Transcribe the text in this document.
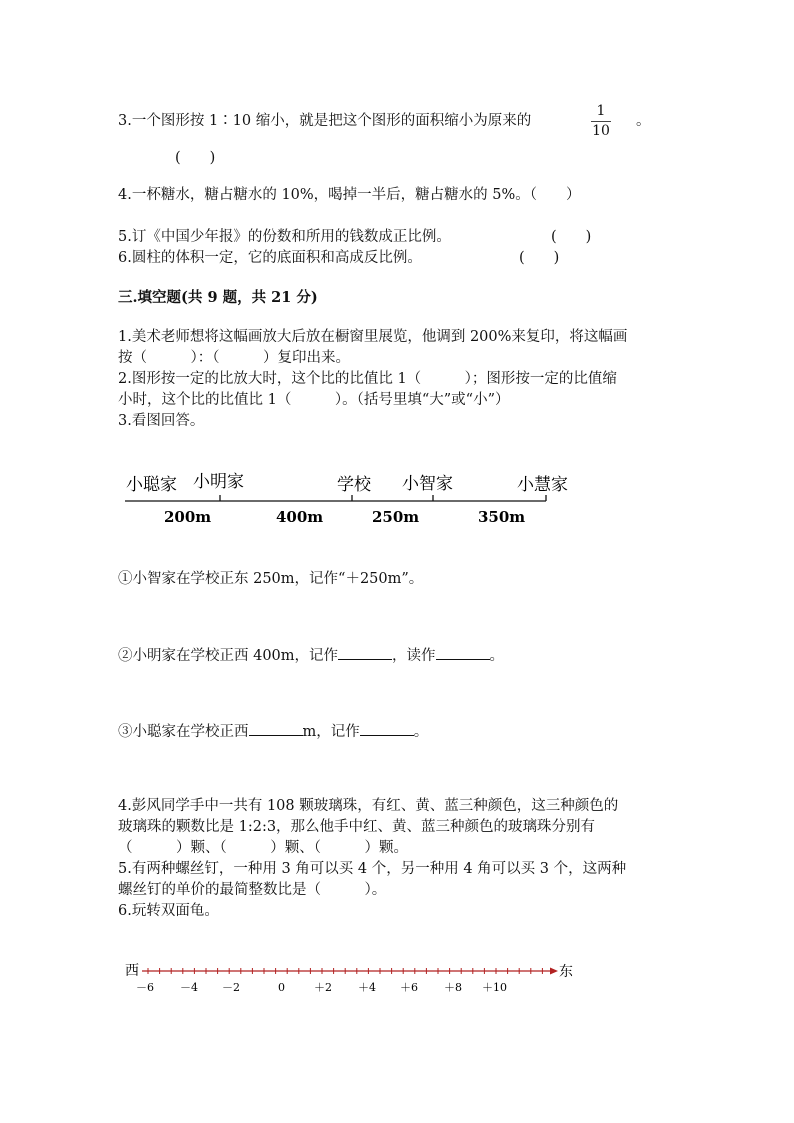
3.一个图形按 1∶10 缩小，就是把这个图形的面积缩小为原来的
1
10
。
(　　)
4.一杯糖水，糖占糖水的 10%，喝掉一半后，糖占糖水的 5%。（　　）
5.订《中国少年报》的份数和所用的钱数成正比例。	(　　)
6.圆柱的体积一定，它的底面积和高成反比例。	(　　)
三.填空题(共 9 题，共 21 分)
1.美术老师想将这幅画放大后放在橱窗里展览，他调到 200%来复印，将这幅画
按（　　　）：（　　　）复印出来。
2.图形按一定的比放大时，这个比的比值比 1（　　　）；图形按一定的比值缩
小时，这个比的比值比 1（　　　）。（括号里填“大”或“小”）
3.看图回答。
小聪家 小明家	学校 小智家	小慧家
200m	400m	250m	350m
①小智家在学校正东 250m，记作“＋250m”。
②小明家在学校正西 400m，记作	，读作	。
③小聪家在学校正西	m，记作	。
4.彭风同学手中一共有 108 颗玻璃珠，有红、黄、蓝三种颜色，这三种颜色的
玻璃珠的颗数比是 1:2:3，那么他手中红、黄、蓝三种颜色的玻璃珠分别有
（　　　）颗、（　　　）颗、（　　　）颗。
5.有两种螺丝钉，一种用 3 角可以买 4 个，另一种用 4 角可以买 3 个，这两种
螺丝钉的单价的最简整数比是（　　　）。
6.玩转双面龟。
西	东
－6 －4 －2	0	＋2 ＋4 ＋6 ＋8 ＋10
